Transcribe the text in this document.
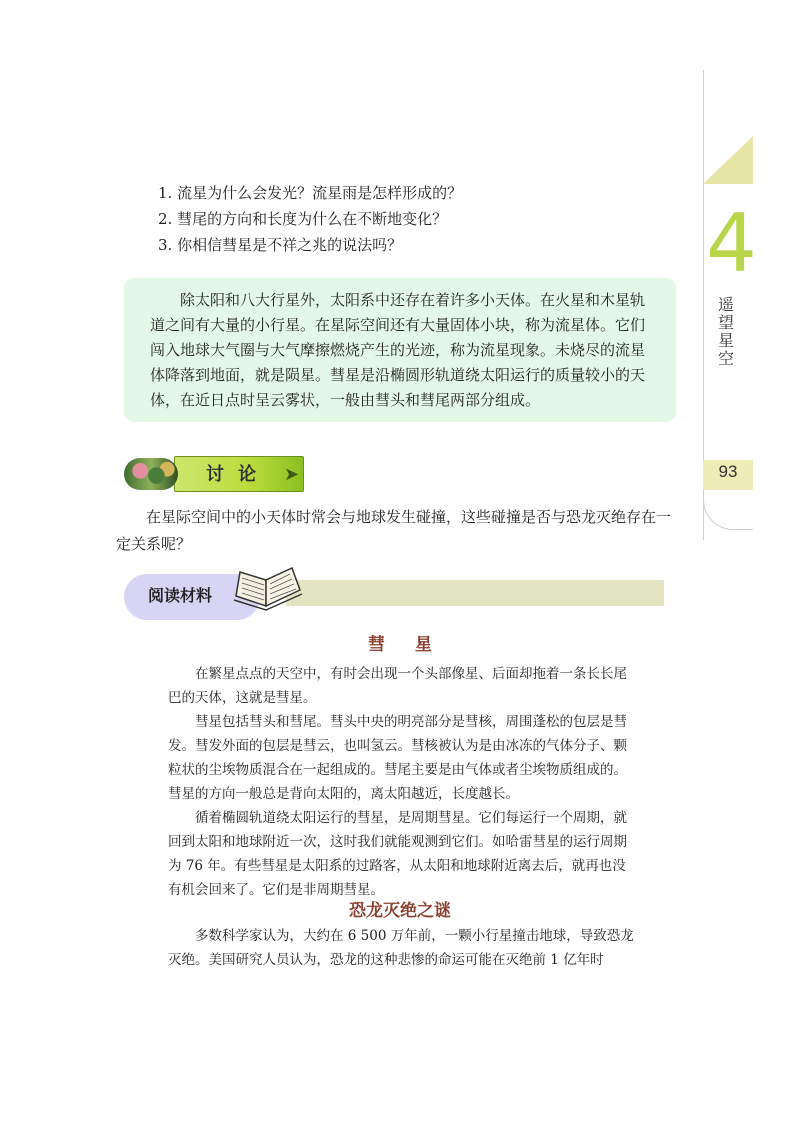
4
遥
望
星
空
93
1. 流星为什么会发光？流星雨是怎样形成的？
2. 彗尾的方向和长度为什么在不断地变化？
3. 你相信彗星是不祥之兆的说法吗？

除太阳和八大行星外，太阳系中还存在着许多小天体。在火星和木星轨道之间有大量的小行星。在星际空间还有大量固体小块，称为流星体。它们闯入地球大气圈与大气摩擦燃烧产生的光迹，称为流星现象。未烧尽的流星体降落到地面，就是陨星。彗星是沿椭圆形轨道绕太阳运行的质量较小的天体，在近日点时呈云雾状，一般由彗头和彗尾两部分组成。

讨论 ➤

在星际空间中的小天体时常会与地球发生碰撞，这些碰撞是否与恐龙灭绝存在一定关系呢？

阅读材料
彗星

在繁星点点的天空中，有时会出现一个头部像星、后面却拖着一条长长尾巴的天体，这就是彗星。

彗星包括彗头和彗尾。彗头中央的明亮部分是彗核，周围蓬松的包层是彗发。彗发外面的包层是彗云，也叫氢云。彗核被认为是由冰冻的气体分子、颗粒状的尘埃物质混合在一起组成的。彗尾主要是由气体或者尘埃物质组成的。彗星的方向一般总是背向太阳的，离太阳越近，长度越长。

循着椭圆轨道绕太阳运行的彗星，是周期彗星。它们每运行一个周期，就回到太阳和地球附近一次，这时我们就能观测到它们。如哈雷彗星的运行周期为 76 年。有些彗星是太阳系的过路客，从太阳和地球附近离去后，就再也没有机会回来了。它们是非周期彗星。

恐龙灭绝之谜

多数科学家认为，大约在 6 500 万年前，一颗小行星撞击地球，导致恐龙灭绝。美国研究人员认为，恐龙的这种悲惨的命运可能在灭绝前 1 亿年时
